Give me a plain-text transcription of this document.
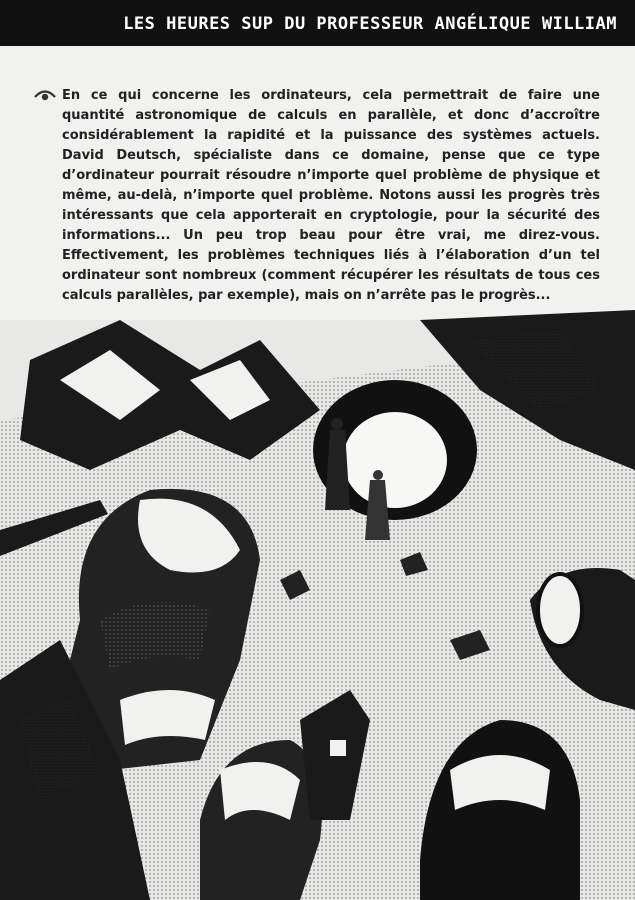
LES HEURES SUP DU PROFESSEUR ANGÉLIQUE WILLIAM

En ce qui concerne les ordinateurs, cela permettrait de faire une quantité astronomique de calculs en parallèle, et donc d’accroître considérablement la rapidité et la puissance des systèmes actuels. David Deutsch, spécialiste dans ce domaine, pense que ce type d’ordinateur pourrait résoudre n’importe quel problème de physique et même, au-delà, n’importe quel problème. Notons aussi les progrès très intéressants que cela apporterait en cryptologie, pour la sécurité des informations... Un peu trop beau pour être vrai, me direz-vous. Effectivement, les problèmes techniques liés à l’élaboration d’un tel ordinateur sont nombreux (comment récupérer les résultats de tous ces calculs parallèles, par exemple), mais on n’arrête pas le progrès...
